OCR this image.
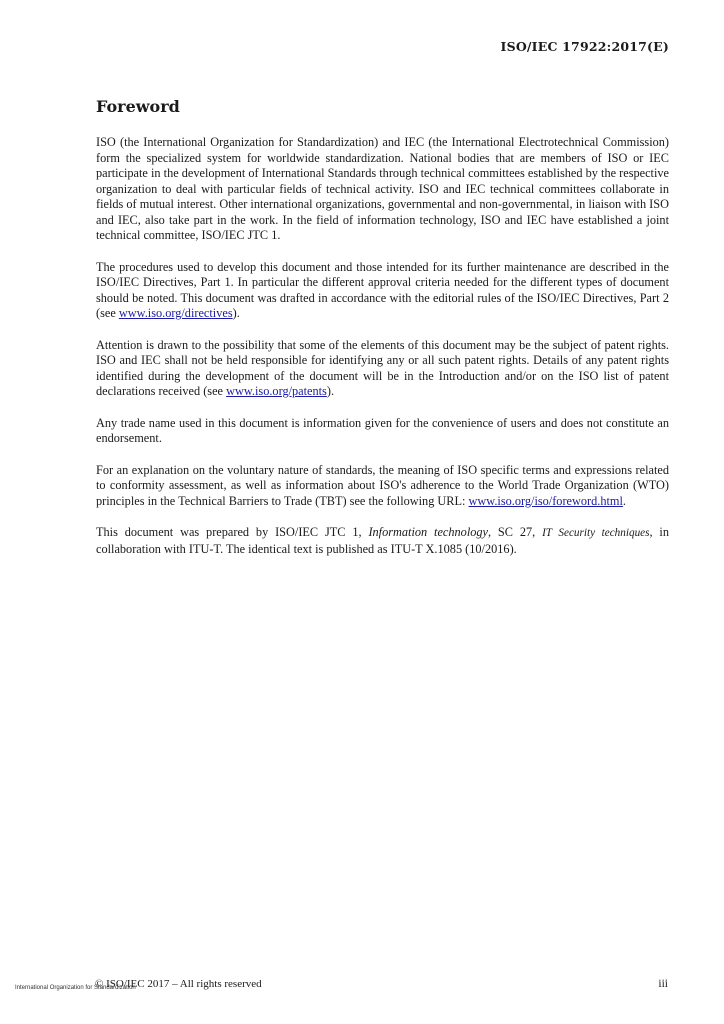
ISO/IEC 17922:2017(E)
Foreword

ISO (the International Organization for Standardization) and IEC (the International Electrotechnical Commission) form the specialized system for worldwide standardization. National bodies that are members of ISO or IEC participate in the development of International Standards through technical committees established by the respective organization to deal with particular fields of technical activity. ISO and IEC technical committees collaborate in fields of mutual interest. Other international organizations, governmental and non-governmental, in liaison with ISO and IEC, also take part in the work. In the field of information technology, ISO and IEC have established a joint technical committee, ISO/IEC JTC 1.

The procedures used to develop this document and those intended for its further maintenance are described in the ISO/IEC Directives, Part 1. In particular the different approval criteria needed for the different types of document should be noted. This document was drafted in accordance with the editorial rules of the ISO/IEC Directives, Part 2 (see www.iso.org/directives).

Attention is drawn to the possibility that some of the elements of this document may be the subject of patent rights. ISO and IEC shall not be held responsible for identifying any or all such patent rights. Details of any patent rights identified during the development of the document will be in the Introduction and/or on the ISO list of patent declarations received (see www.iso.org/patents).

Any trade name used in this document is information given for the convenience of users and does not constitute an endorsement.

For an explanation on the voluntary nature of standards, the meaning of ISO specific terms and expressions related to conformity assessment, as well as information about ISO's adherence to the World Trade Organization (WTO) principles in the Technical Barriers to Trade (TBT) see the following URL: www.iso.org/iso/foreword.html.

This document was prepared by ISO/IEC JTC 1, Information technology, SC 27, IT Security techniques, in collaboration with ITU-T. The identical text is published as ITU-T X.1085 (10/2016).

© ISO/IEC 2017 – All rights reserved	iii
International Organization for Standardization
